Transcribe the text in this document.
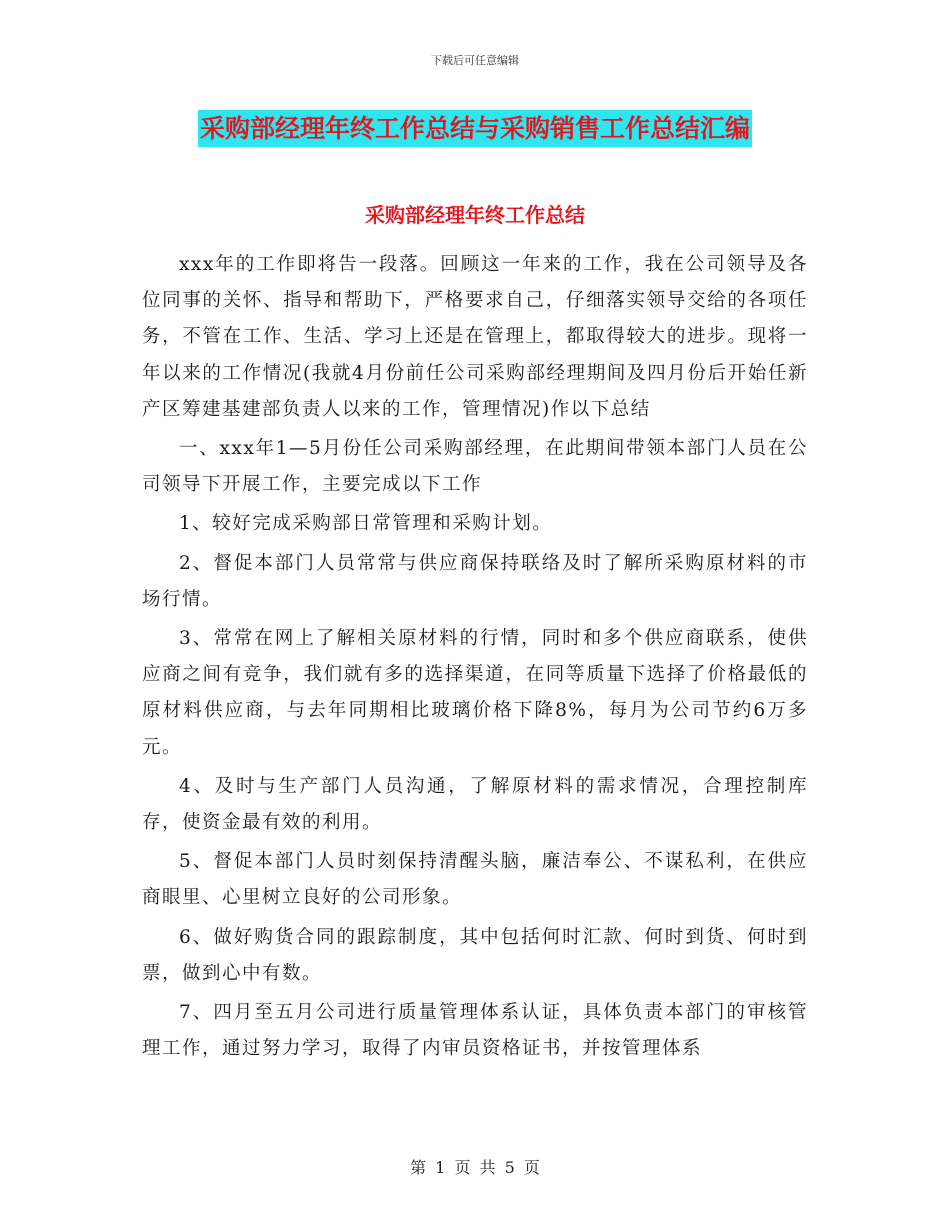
下载后可任意编辑
采购部经理年终工作总结与采购销售工作总结汇编
采购部经理年终工作总结

xxx年的工作即将告一段落。回顾这一年来的工作，我在公司领导及各位同事的关怀、指导和帮助下，严格要求自己，仔细落实领导交给的各项任务，不管在工作、生活、学习上还是在管理上，都取得较大的进步。现将一年以来的工作情况(我就4月份前任公司采购部经理期间及四月份后开始任新产区筹建基建部负责人以来的工作，管理情况)作以下总结

一、xxx年1—5月份任公司采购部经理，在此期间带领本部门人员在公司领导下开展工作，主要完成以下工作

1、较好完成采购部日常管理和采购计划。

2、督促本部门人员常常与供应商保持联络及时了解所采购原材料的市场行情。

3、常常在网上了解相关原材料的行情，同时和多个供应商联系，使供应商之间有竞争，我们就有多的选择渠道，在同等质量下选择了价格最低的原材料供应商，与去年同期相比玻璃价格下降8%，每月为公司节约6万多元。

4、及时与生产部门人员沟通，了解原材料的需求情况，合理控制库存，使资金最有效的利用。

5、督促本部门人员时刻保持清醒头脑，廉洁奉公、不谋私利，在供应商眼里、心里树立良好的公司形象。

6、做好购货合同的跟踪制度，其中包括何时汇款、何时到货、何时到票，做到心中有数。

7、四月至五月公司进行质量管理体系认证，具体负责本部门的审核管理工作，通过努力学习，取得了内审员资格证书，并按管理体系

第 1 页 共 5 页
